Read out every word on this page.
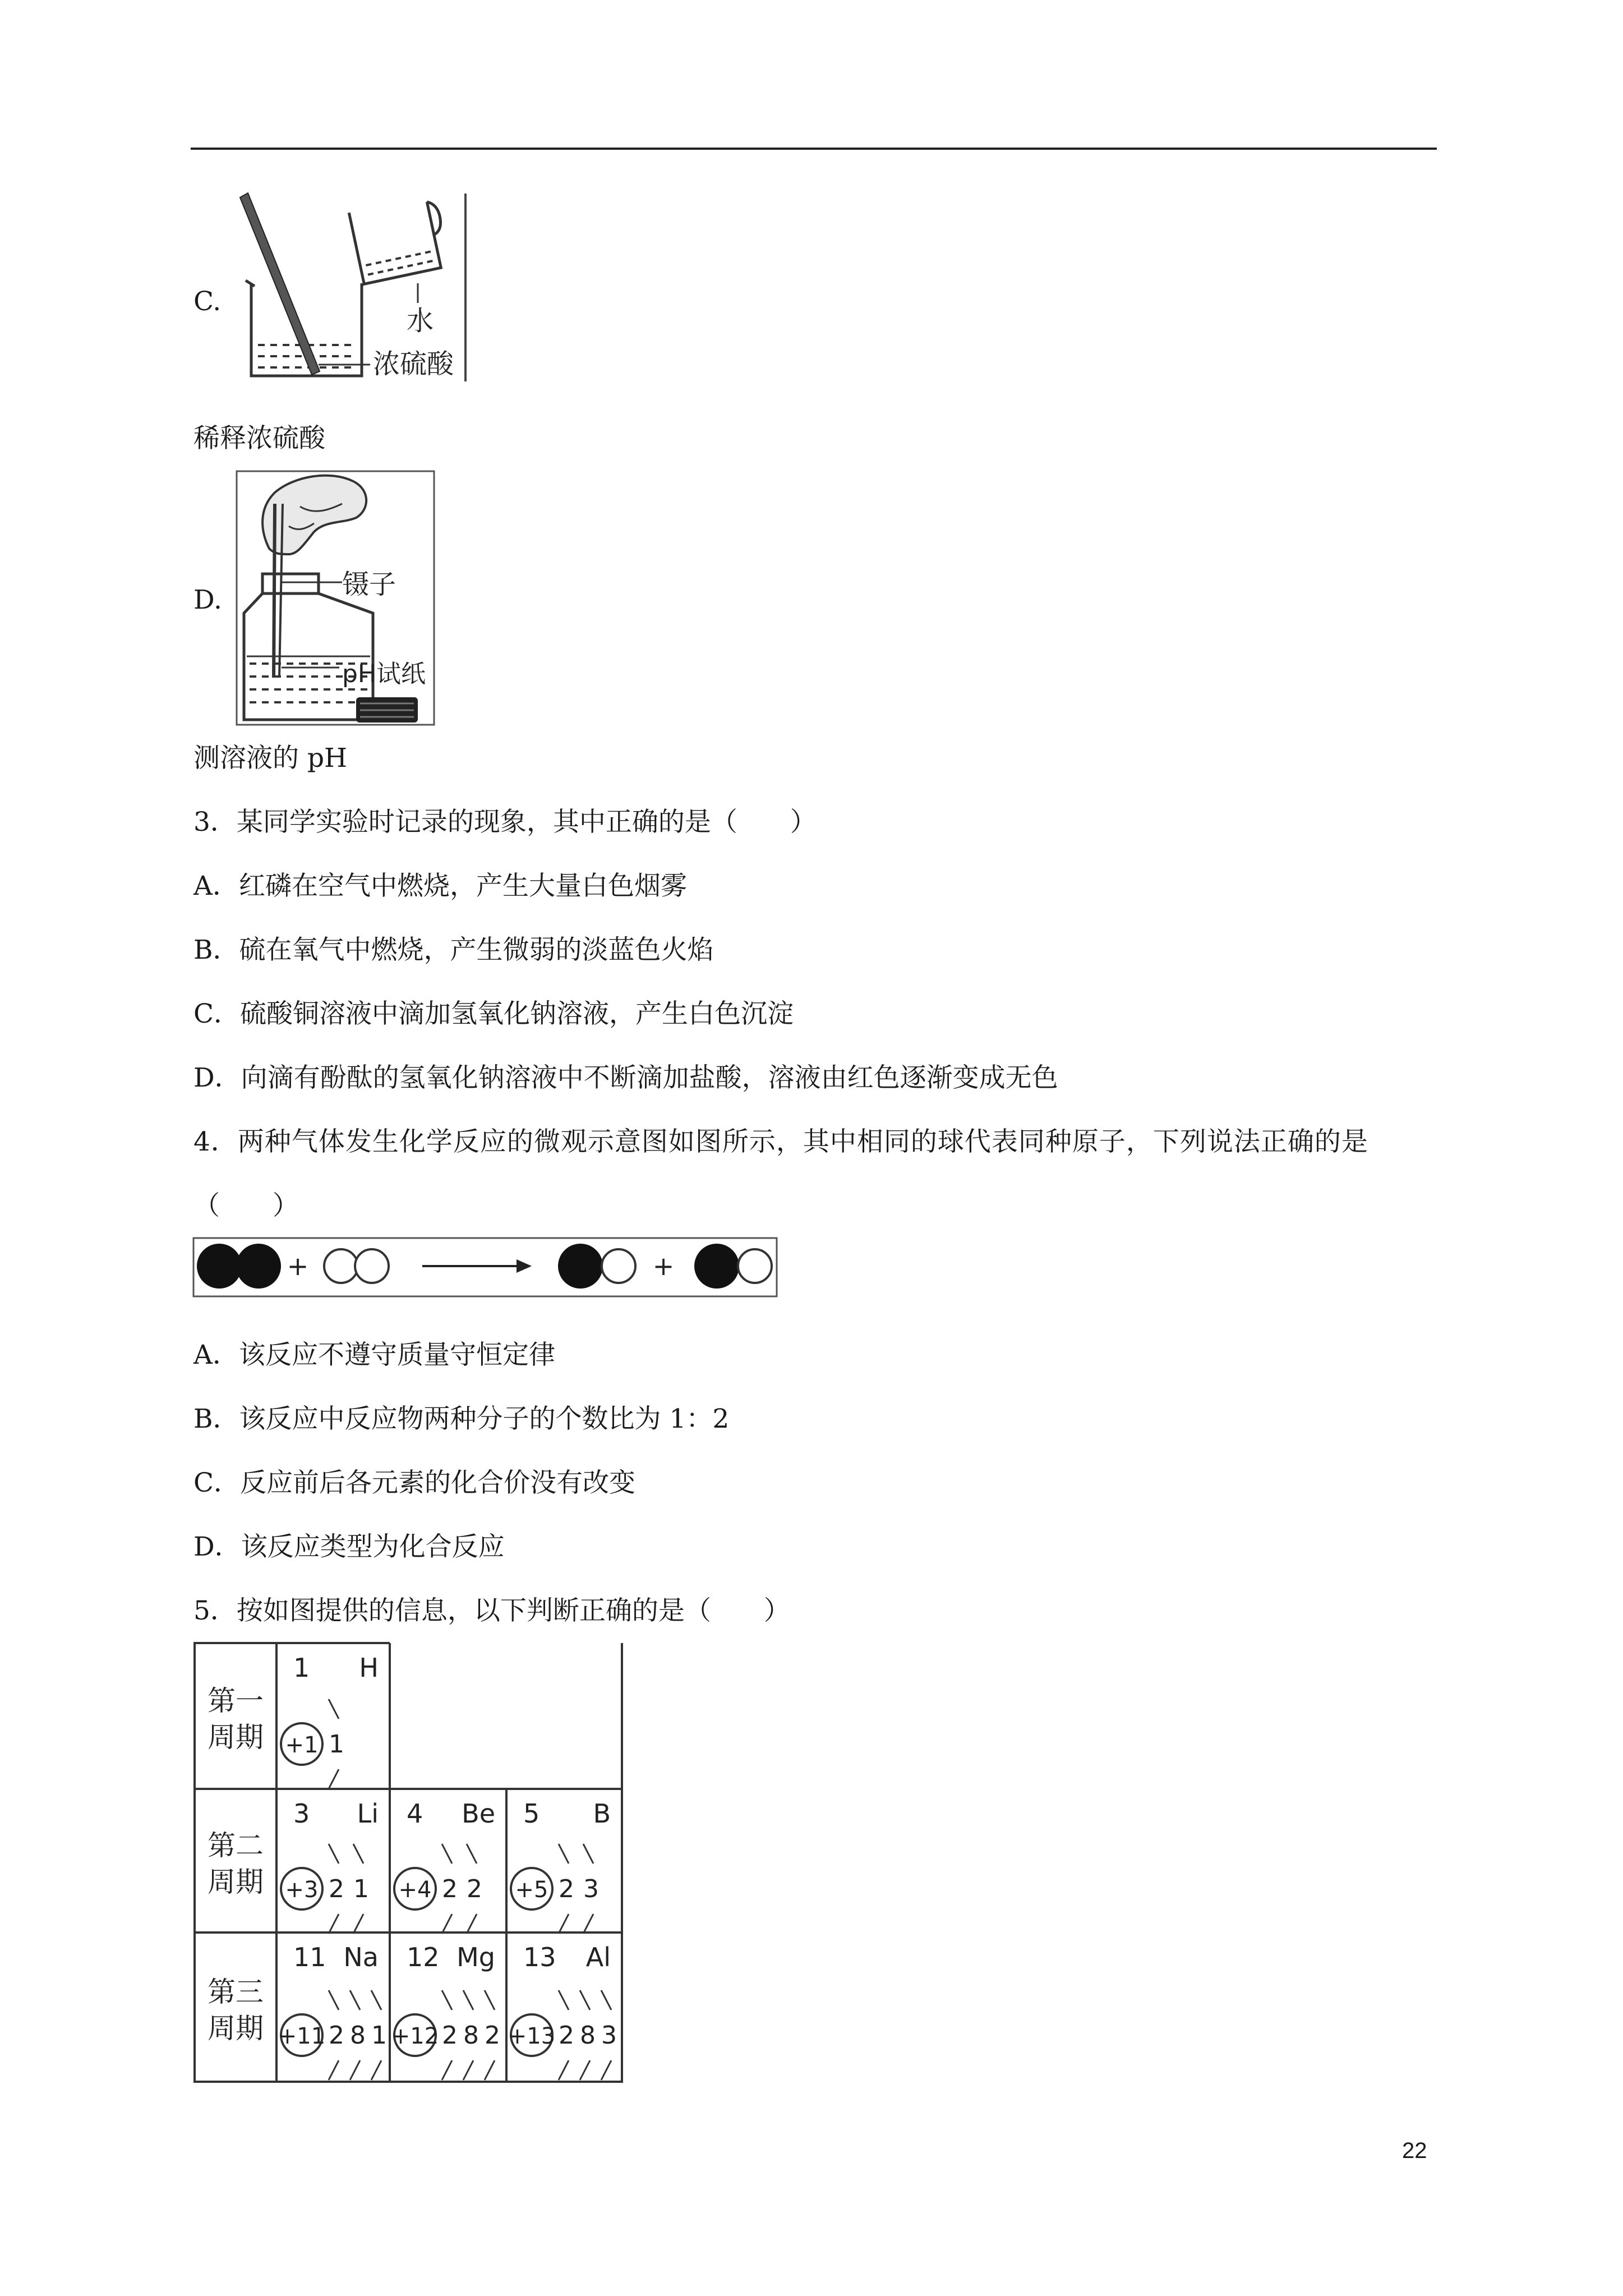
C.
水
浓硫酸
稀释浓硫酸
D.	镊子
pH试纸
测溶液的 pH
3．某同学实验时记录的现象，其中正确的是（　　）
A．红磷在空气中燃烧，产生大量白色烟雾
B．硫在氧气中燃烧，产生微弱的淡蓝色火焰
C．硫酸铜溶液中滴加氢氧化钠溶液，产生白色沉淀
D．向滴有酚酞的氢氧化钠溶液中不断滴加盐酸，溶液由红色逐渐变成无色
4．两种气体发生化学反应的微观示意图如图所示，其中相同的球代表同种原子，下列说法正确的是
（　　）
+	+
A．该反应不遵守质量守恒定律
B．该反应中反应物两种分子的个数比为 1：2
C．反应前后各元素的化合价没有改变
D．该反应类型为化合反应
5．按如图提供的信息，以下判断正确的是（　　）
第一
周期
1 H
+1 1
第二
周期
3 Li
+3 2 1
4 Be
+4 2 2
5 B
+5 2 3
第三
周期
11 Na
+11 2 8 1
12 Mg
+12 2 8 2
13 Al
+13 2 8 3
22
